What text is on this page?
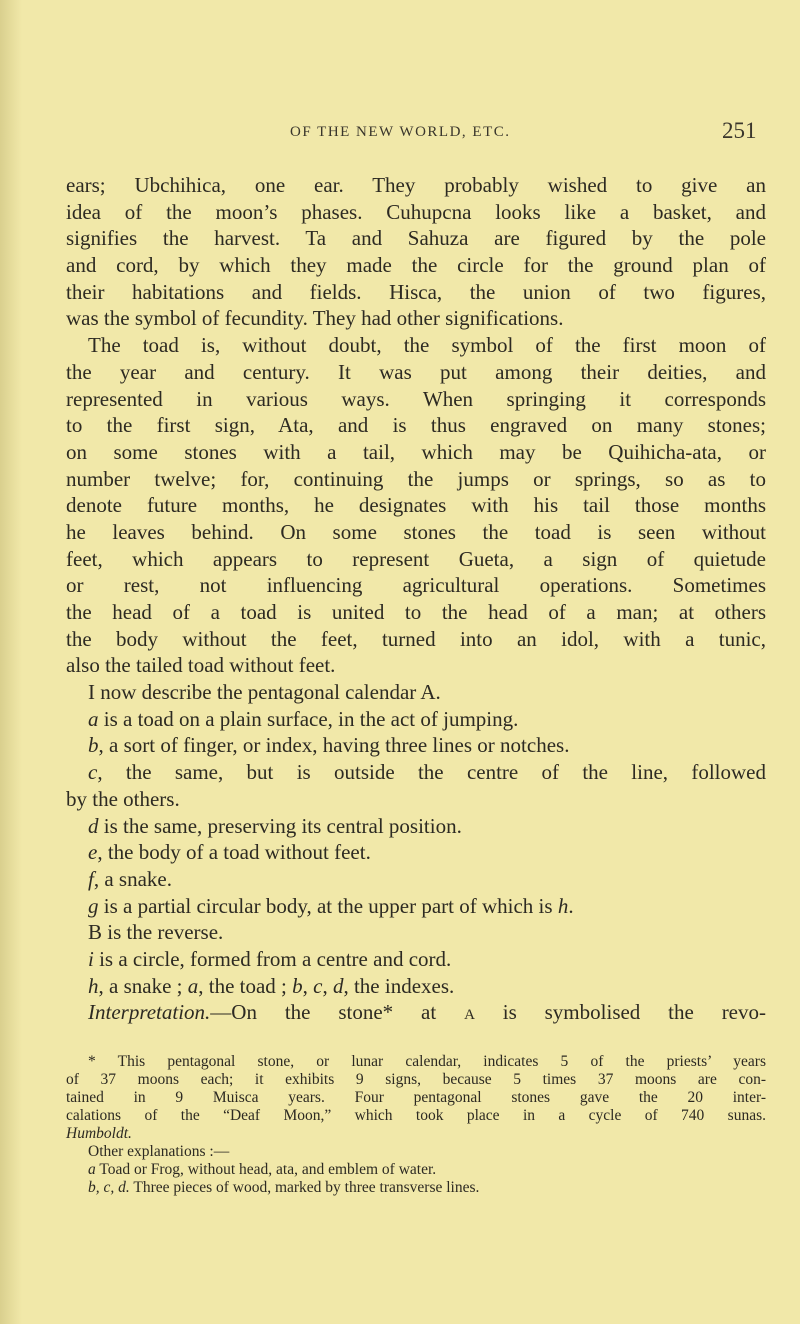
OF THE NEW WORLD, ETC.	251
ears; Ubchihica, one ear. They probably wished to give an
idea of the moon’s phases. Cuhupcna looks like a basket, and
signifies the harvest. Ta and Sahuza are figured by the pole
and cord, by which they made the circle for the ground plan of
their habitations and fields. Hisca, the union of two figures,
was the symbol of fecundity. They had other significations.
The toad is, without doubt, the symbol of the first moon of
the year and century. It was put among their deities, and
represented in various ways. When springing it corresponds
to the first sign, Ata, and is thus engraved on many stones;
on some stones with a tail, which may be Quihicha-ata, or
number twelve; for, continuing the jumps or springs, so as to
denote future months, he designates with his tail those months
he leaves behind. On some stones the toad is seen without
feet, which appears to represent Gueta, a sign of quietude
or rest, not influencing agricultural operations. Sometimes
the head of a toad is united to the head of a man; at others
the body without the feet, turned into an idol, with a tunic,
also the tailed toad without feet.
I now describe the pentagonal calendar A.
a is a toad on a plain surface, in the act of jumping.
b, a sort of finger, or index, having three lines or notches.
c, the same, but is outside the centre of the line, followed
by the others.
d is the same, preserving its central position.
e, the body of a toad without feet.
f, a snake.
g is a partial circular body, at the upper part of which is h.
B is the reverse.
i is a circle, formed from a centre and cord.
h, a snake ; a, the toad ; b, c, d, the indexes.
Interpretation.—On the stone* at A is symbolised the revo-
* This pentagonal stone, or lunar calendar, indicates 5 of the priests’ years
of 37 moons each; it exhibits 9 signs, because 5 times 37 moons are con-
tained in 9 Muisca years. Four pentagonal stones gave the 20 inter-
calations of the “Deaf Moon,” which took place in a cycle of 740 sunas.
Humboldt.
Other explanations :—
a Toad or Frog, without head, ata, and emblem of water.
b, c, d. Three pieces of wood, marked by three transverse lines.
